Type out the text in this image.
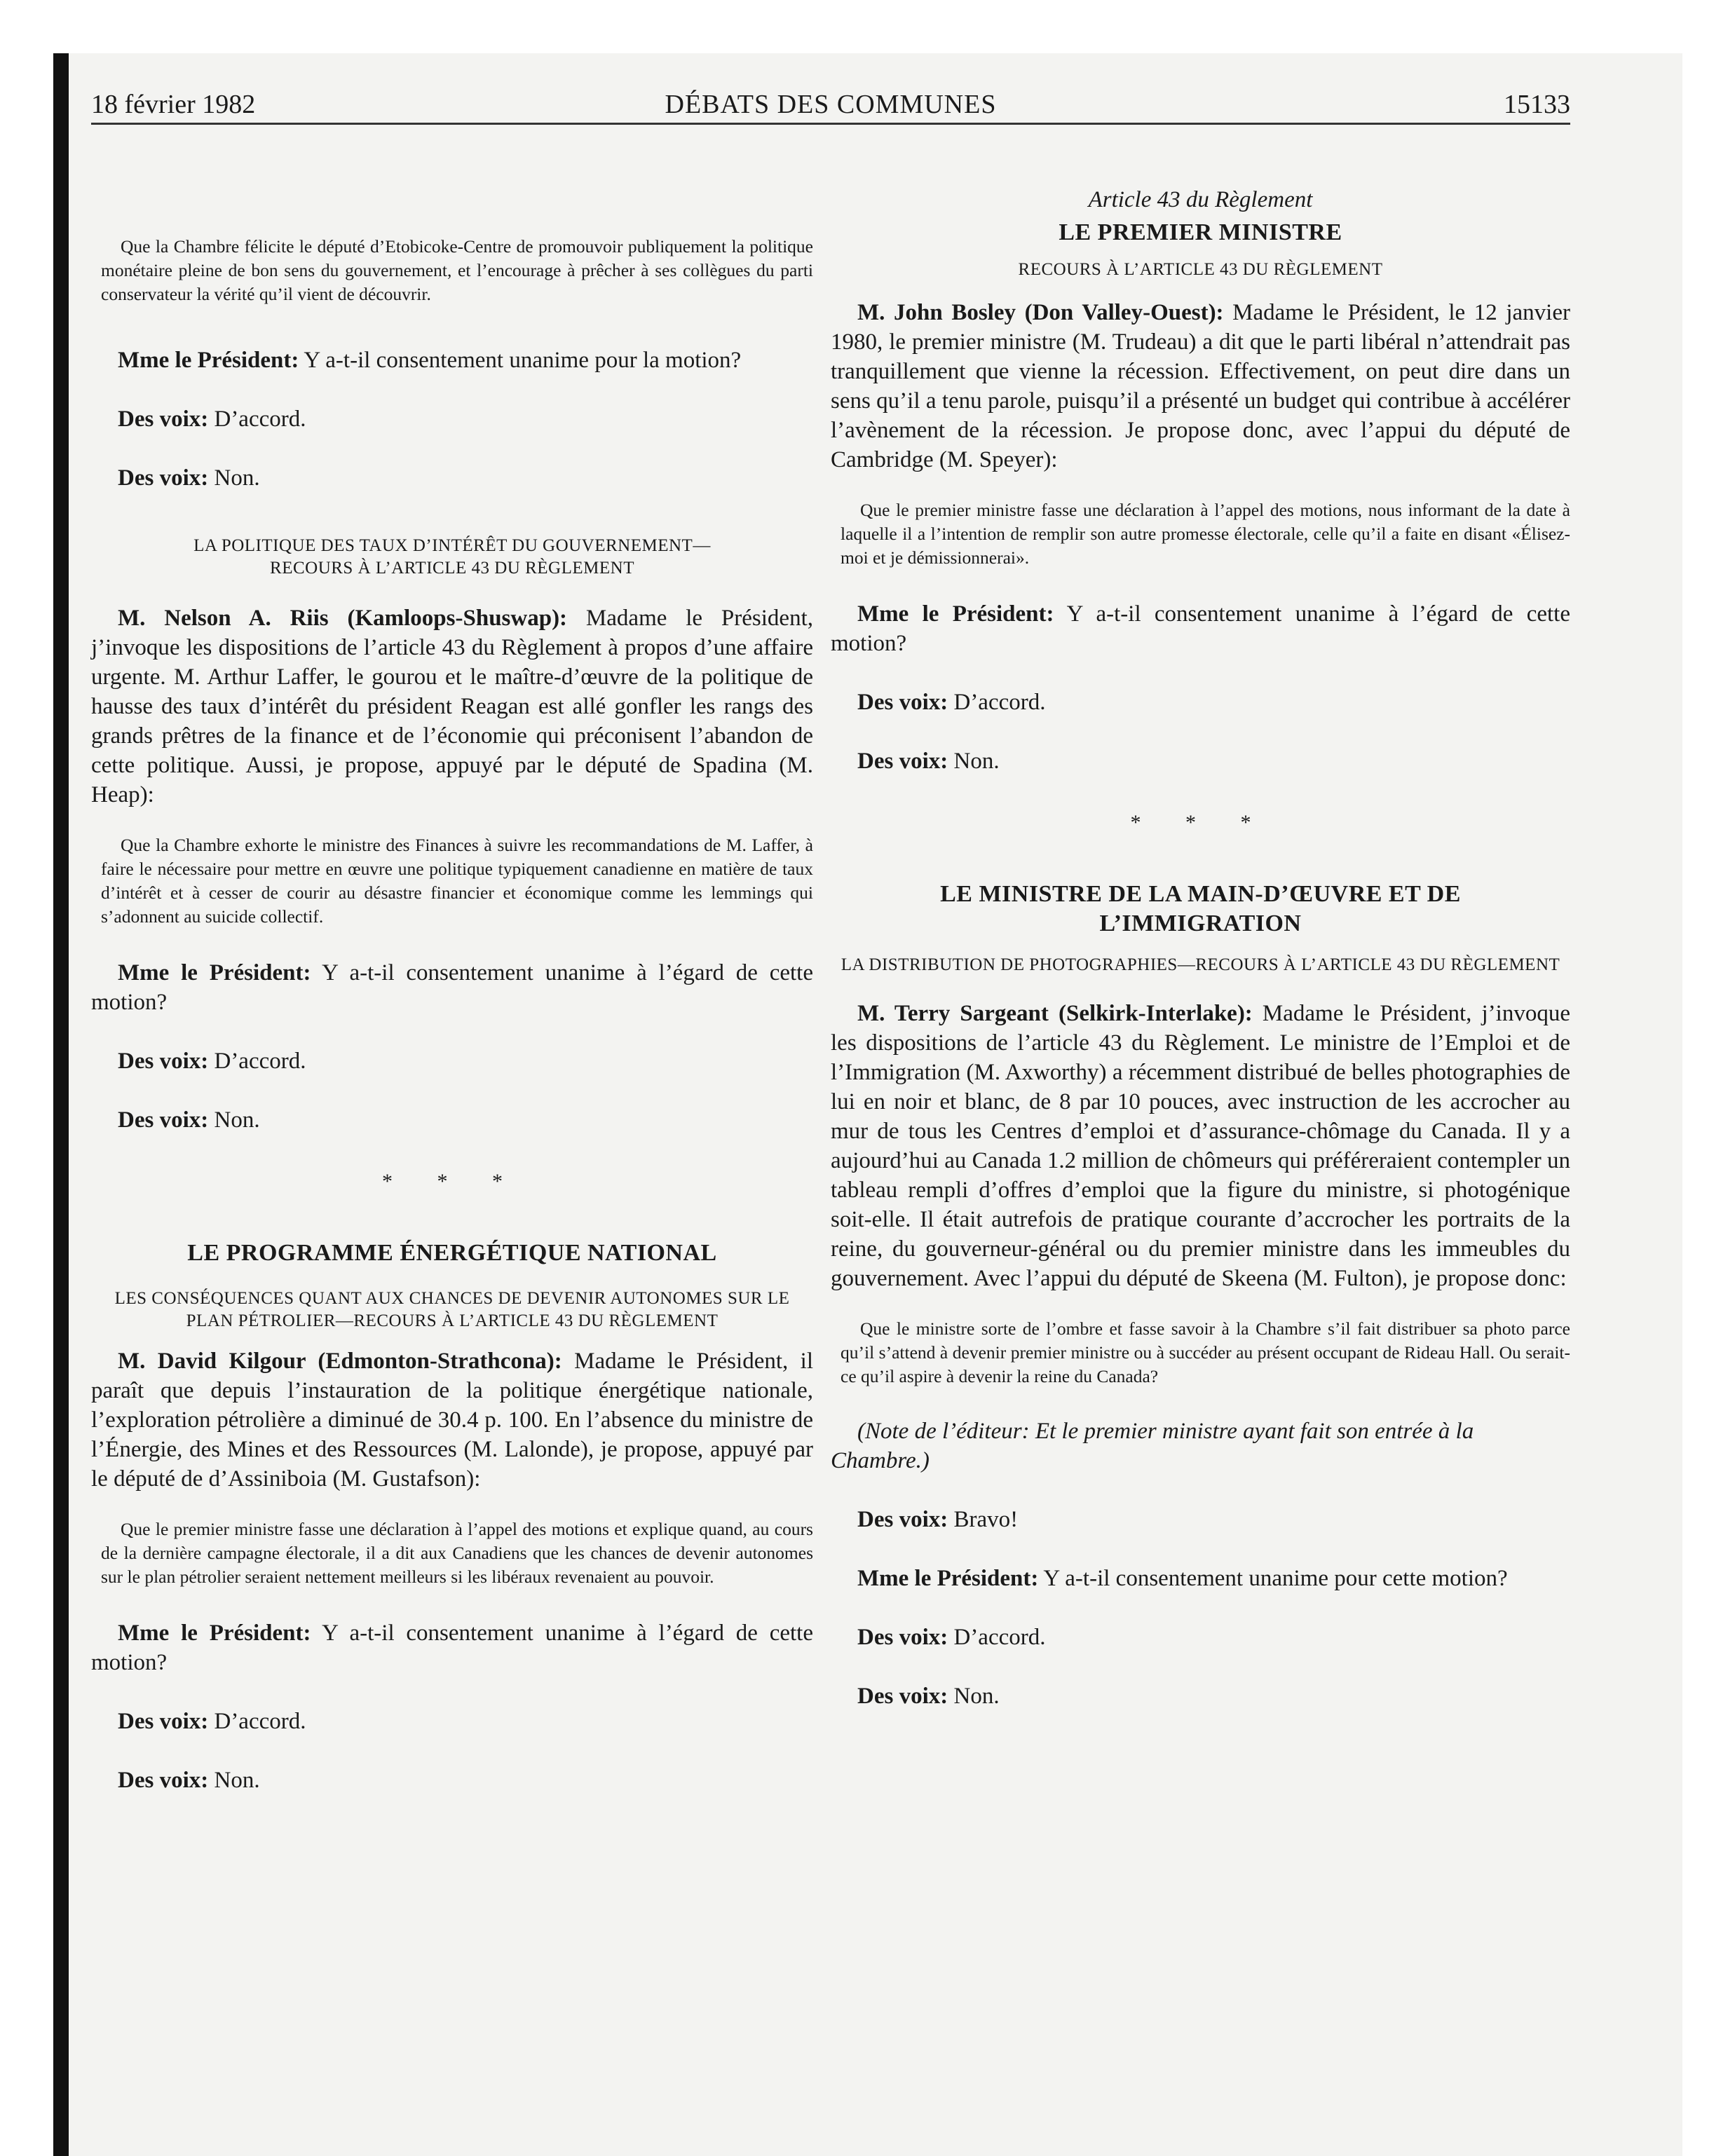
18 février 1982	DÉBATS DES COMMUNES	15133

Que la Chambre félicite le député d’Etobicoke-Centre de promouvoir publiquement la politique monétaire pleine de bon sens du gouvernement, et l’encourage à prêcher à ses collègues du parti conservateur la vérité qu’il vient de découvrir.

Mme le Président: Y a-t-il consentement unanime pour la motion?

Des voix: D’accord.

Des voix: Non.

LA POLITIQUE DES TAUX D’INTÉRÊT DU GOUVERNEMENT— RECOURS À L’ARTICLE 43 DU RÈGLEMENT

M. Nelson A. Riis (Kamloops-Shuswap): Madame le Président, j’invoque les dispositions de l’article 43 du Règlement à propos d’une affaire urgente. M. Arthur Laffer, le gourou et le maître-d’œuvre de la politique de hausse des taux d’intérêt du président Reagan est allé gonfler les rangs des grands prêtres de la finance et de l’économie qui préconisent l’abandon de cette politique. Aussi, je propose, appuyé par le député de Spadina (M. Heap):

Que la Chambre exhorte le ministre des Finances à suivre les recommandations de M. Laffer, à faire le nécessaire pour mettre en œuvre une politique typiquement canadienne en matière de taux d’intérêt et à cesser de courir au désastre financier et économique comme les lemmings qui s’adonnent au suicide collectif.

Mme le Président: Y a-t-il consentement unanime à l’égard de cette motion?

Des voix: D’accord.

Des voix: Non.

* * *

LE PROGRAMME ÉNERGÉTIQUE NATIONAL

LES CONSÉQUENCES QUANT AUX CHANCES DE DEVENIR AUTONOMES SUR LE PLAN PÉTROLIER—RECOURS À L’ARTICLE 43 DU RÈGLEMENT

M. David Kilgour (Edmonton-Strathcona): Madame le Président, il paraît que depuis l’instauration de la politique énergétique nationale, l’exploration pétrolière a diminué de 30.4 p. 100. En l’absence du ministre de l’Énergie, des Mines et des Ressources (M. Lalonde), je propose, appuyé par le député de d’Assiniboia (M. Gustafson):

Que le premier ministre fasse une déclaration à l’appel des motions et explique quand, au cours de la dernière campagne électorale, il a dit aux Canadiens que les chances de devenir autonomes sur le plan pétrolier seraient nettement meilleurs si les libéraux revenaient au pouvoir.

Mme le Président: Y a-t-il consentement unanime à l’égard de cette motion?

Des voix: D’accord.

Des voix: Non.

Article 43 du Règlement

LE PREMIER MINISTRE

RECOURS À L’ARTICLE 43 DU RÈGLEMENT

M. John Bosley (Don Valley-Ouest): Madame le Président, le 12 janvier 1980, le premier ministre (M. Trudeau) a dit que le parti libéral n’attendrait pas tranquillement que vienne la récession. Effectivement, on peut dire dans un sens qu’il a tenu parole, puisqu’il a présenté un budget qui contribue à accélérer l’avènement de la récession. Je propose donc, avec l’appui du député de Cambridge (M. Speyer):

Que le premier ministre fasse une déclaration à l’appel des motions, nous informant de la date à laquelle il a l’intention de remplir son autre promesse électorale, celle qu’il a faite en disant «Élisez-moi et je démissionnerai».

Mme le Président: Y a-t-il consentement unanime à l’égard de cette motion?

Des voix: D’accord.

Des voix: Non.

* * *

LE MINISTRE DE LA MAIN-D’ŒUVRE ET DE L’IMMIGRATION

LA DISTRIBUTION DE PHOTOGRAPHIES—RECOURS À L’ARTICLE 43 DU RÈGLEMENT

M. Terry Sargeant (Selkirk-Interlake): Madame le Président, j’invoque les dispositions de l’article 43 du Règlement. Le ministre de l’Emploi et de l’Immigration (M. Axworthy) a récemment distribué de belles photographies de lui en noir et blanc, de 8 par 10 pouces, avec instruction de les accrocher au mur de tous les Centres d’emploi et d’assurance-chômage du Canada. Il y a aujourd’hui au Canada 1.2 million de chômeurs qui préféreraient contempler un tableau rempli d’offres d’emploi que la figure du ministre, si photogénique soit-elle. Il était autrefois de pratique courante d’accrocher les portraits de la reine, du gouverneur-général ou du premier ministre dans les immeubles du gouvernement. Avec l’appui du député de Skeena (M. Fulton), je propose donc:

Que le ministre sorte de l’ombre et fasse savoir à la Chambre s’il fait distribuer sa photo parce qu’il s’attend à devenir premier ministre ou à succéder au présent occupant de Rideau Hall. Ou serait-ce qu’il aspire à devenir la reine du Canada?

(Note de l’éditeur: Et le premier ministre ayant fait son entrée à la Chambre.)

Des voix: Bravo!

Mme le Président: Y a-t-il consentement unanime pour cette motion?

Des voix: D’accord.

Des voix: Non.
